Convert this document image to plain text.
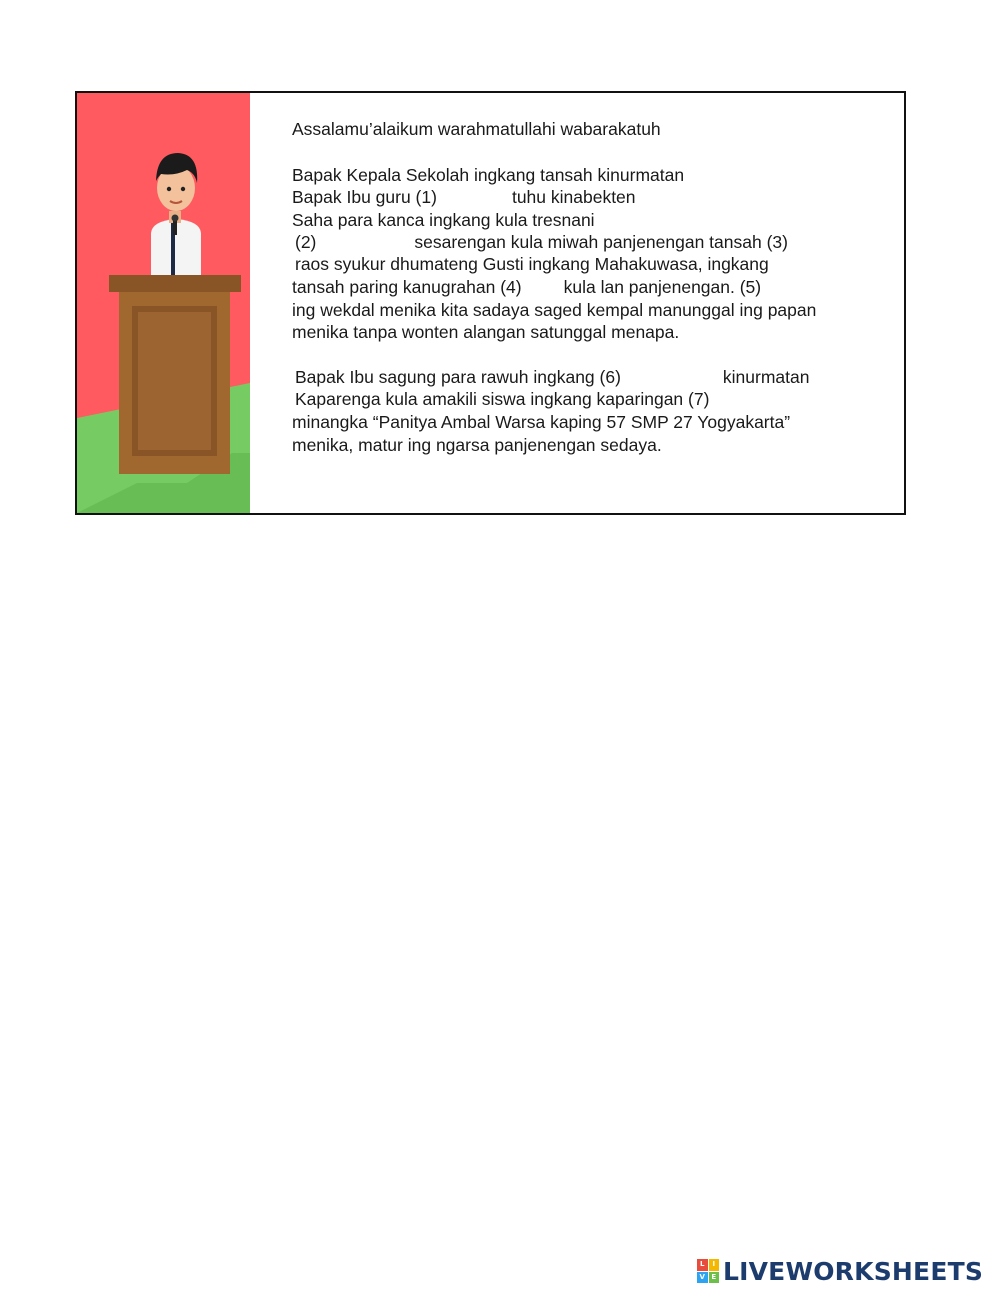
Assalamu’alaikum warahmatullahi wabarakatuh
Bapak Kepala Sekolah ingkang tansah kinurmatan
Bapak Ibu guru (1)	tuhu kinabekten
Saha para kanca ingkang kula tresnani
(2)	sesarengan kula miwah panjenengan tansah (3)
raos syukur dhumateng Gusti ingkang Mahakuwasa, ingkang
tansah paring kanugrahan (4) kula lan panjenengan. (5)
ing wekdal menika kita sadaya saged kempal manunggal ing papan
menika tanpa wonten alangan satunggal menapa.
Bapak Ibu sagung para rawuh ingkang (6)	kinurmatan
Kaparenga kula amakili siswa ingkang kaparingan (7)
minangka “Panitya Ambal Warsa kaping 57 SMP 27 Yogyakarta”
menika, matur ing ngarsa panjenengan sedaya.
L	I
V E LIVEWORKSHEETS
